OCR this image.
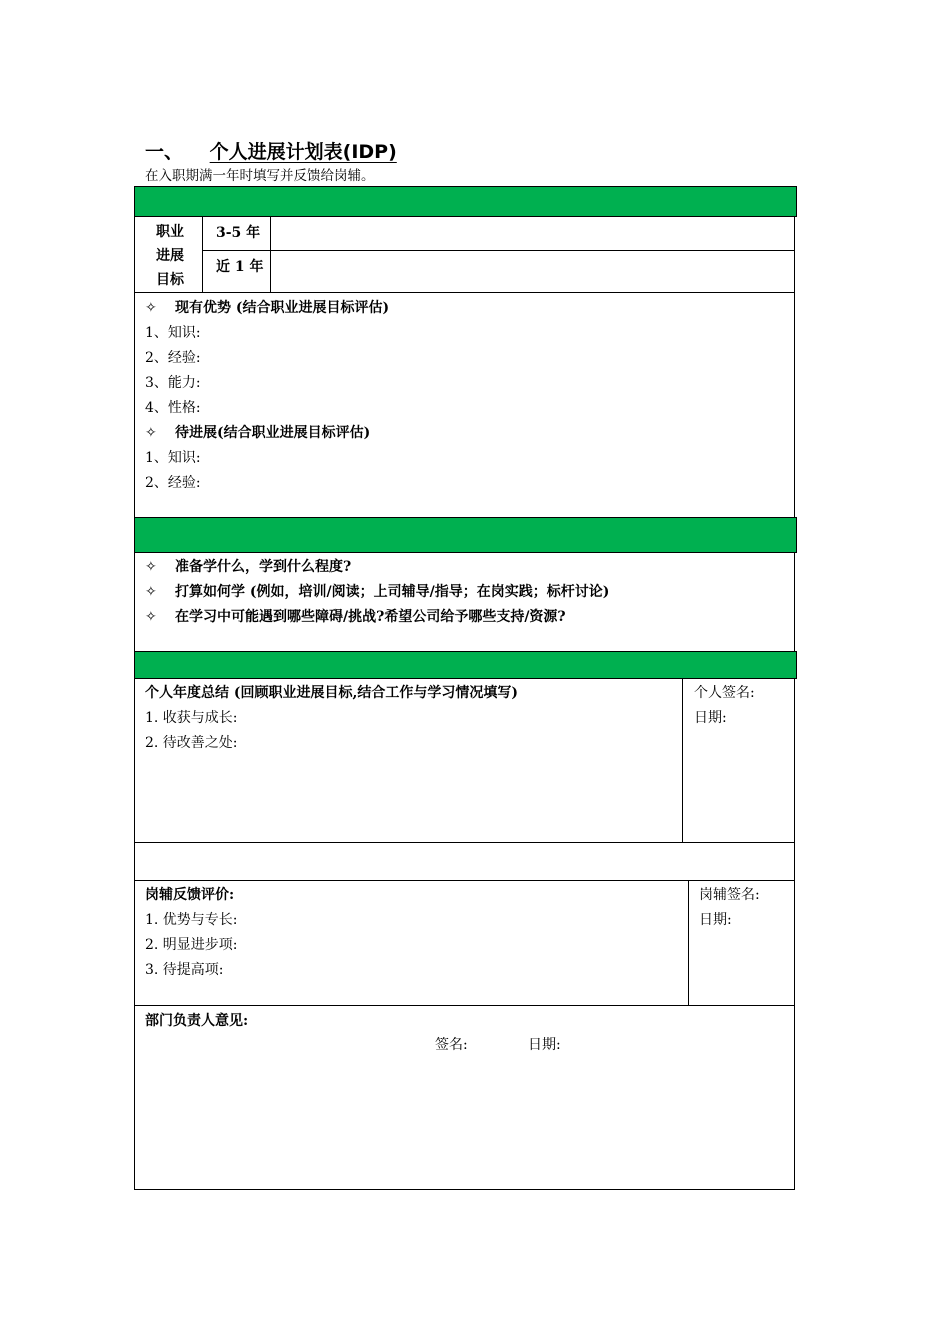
一、 个人进展计划表(IDP)
在入职期满一年时填写并反馈给岗辅。
职业
进展
目标
3-5 年
近 1 年
✧ 现有优势 (结合职业进展目标评估)
1、知识:
2、经验:
3、能力:
4、性格:
✧ 待进展(结合职业进展目标评估)
1、知识:
2、经验:
✧ 准备学什么，学到什么程度?
✧ 打算如何学 (例如，培训/阅读；上司辅导/指导；在岗实践；标杆讨论)
✧ 在学习中可能遇到哪些障碍/挑战?希望公司给予哪些支持/资源?
个人年度总结 (回顾职业进展目标,结合工作与学习情况填写)
1. 收获与成长:
2. 待改善之处:
个人签名:
日期:
岗辅反馈评价:
1. 优势与专长:
2. 明显进步项:
3. 待提高项:
岗辅签名:
日期:
部门负责人意见:
签名:	日期:
